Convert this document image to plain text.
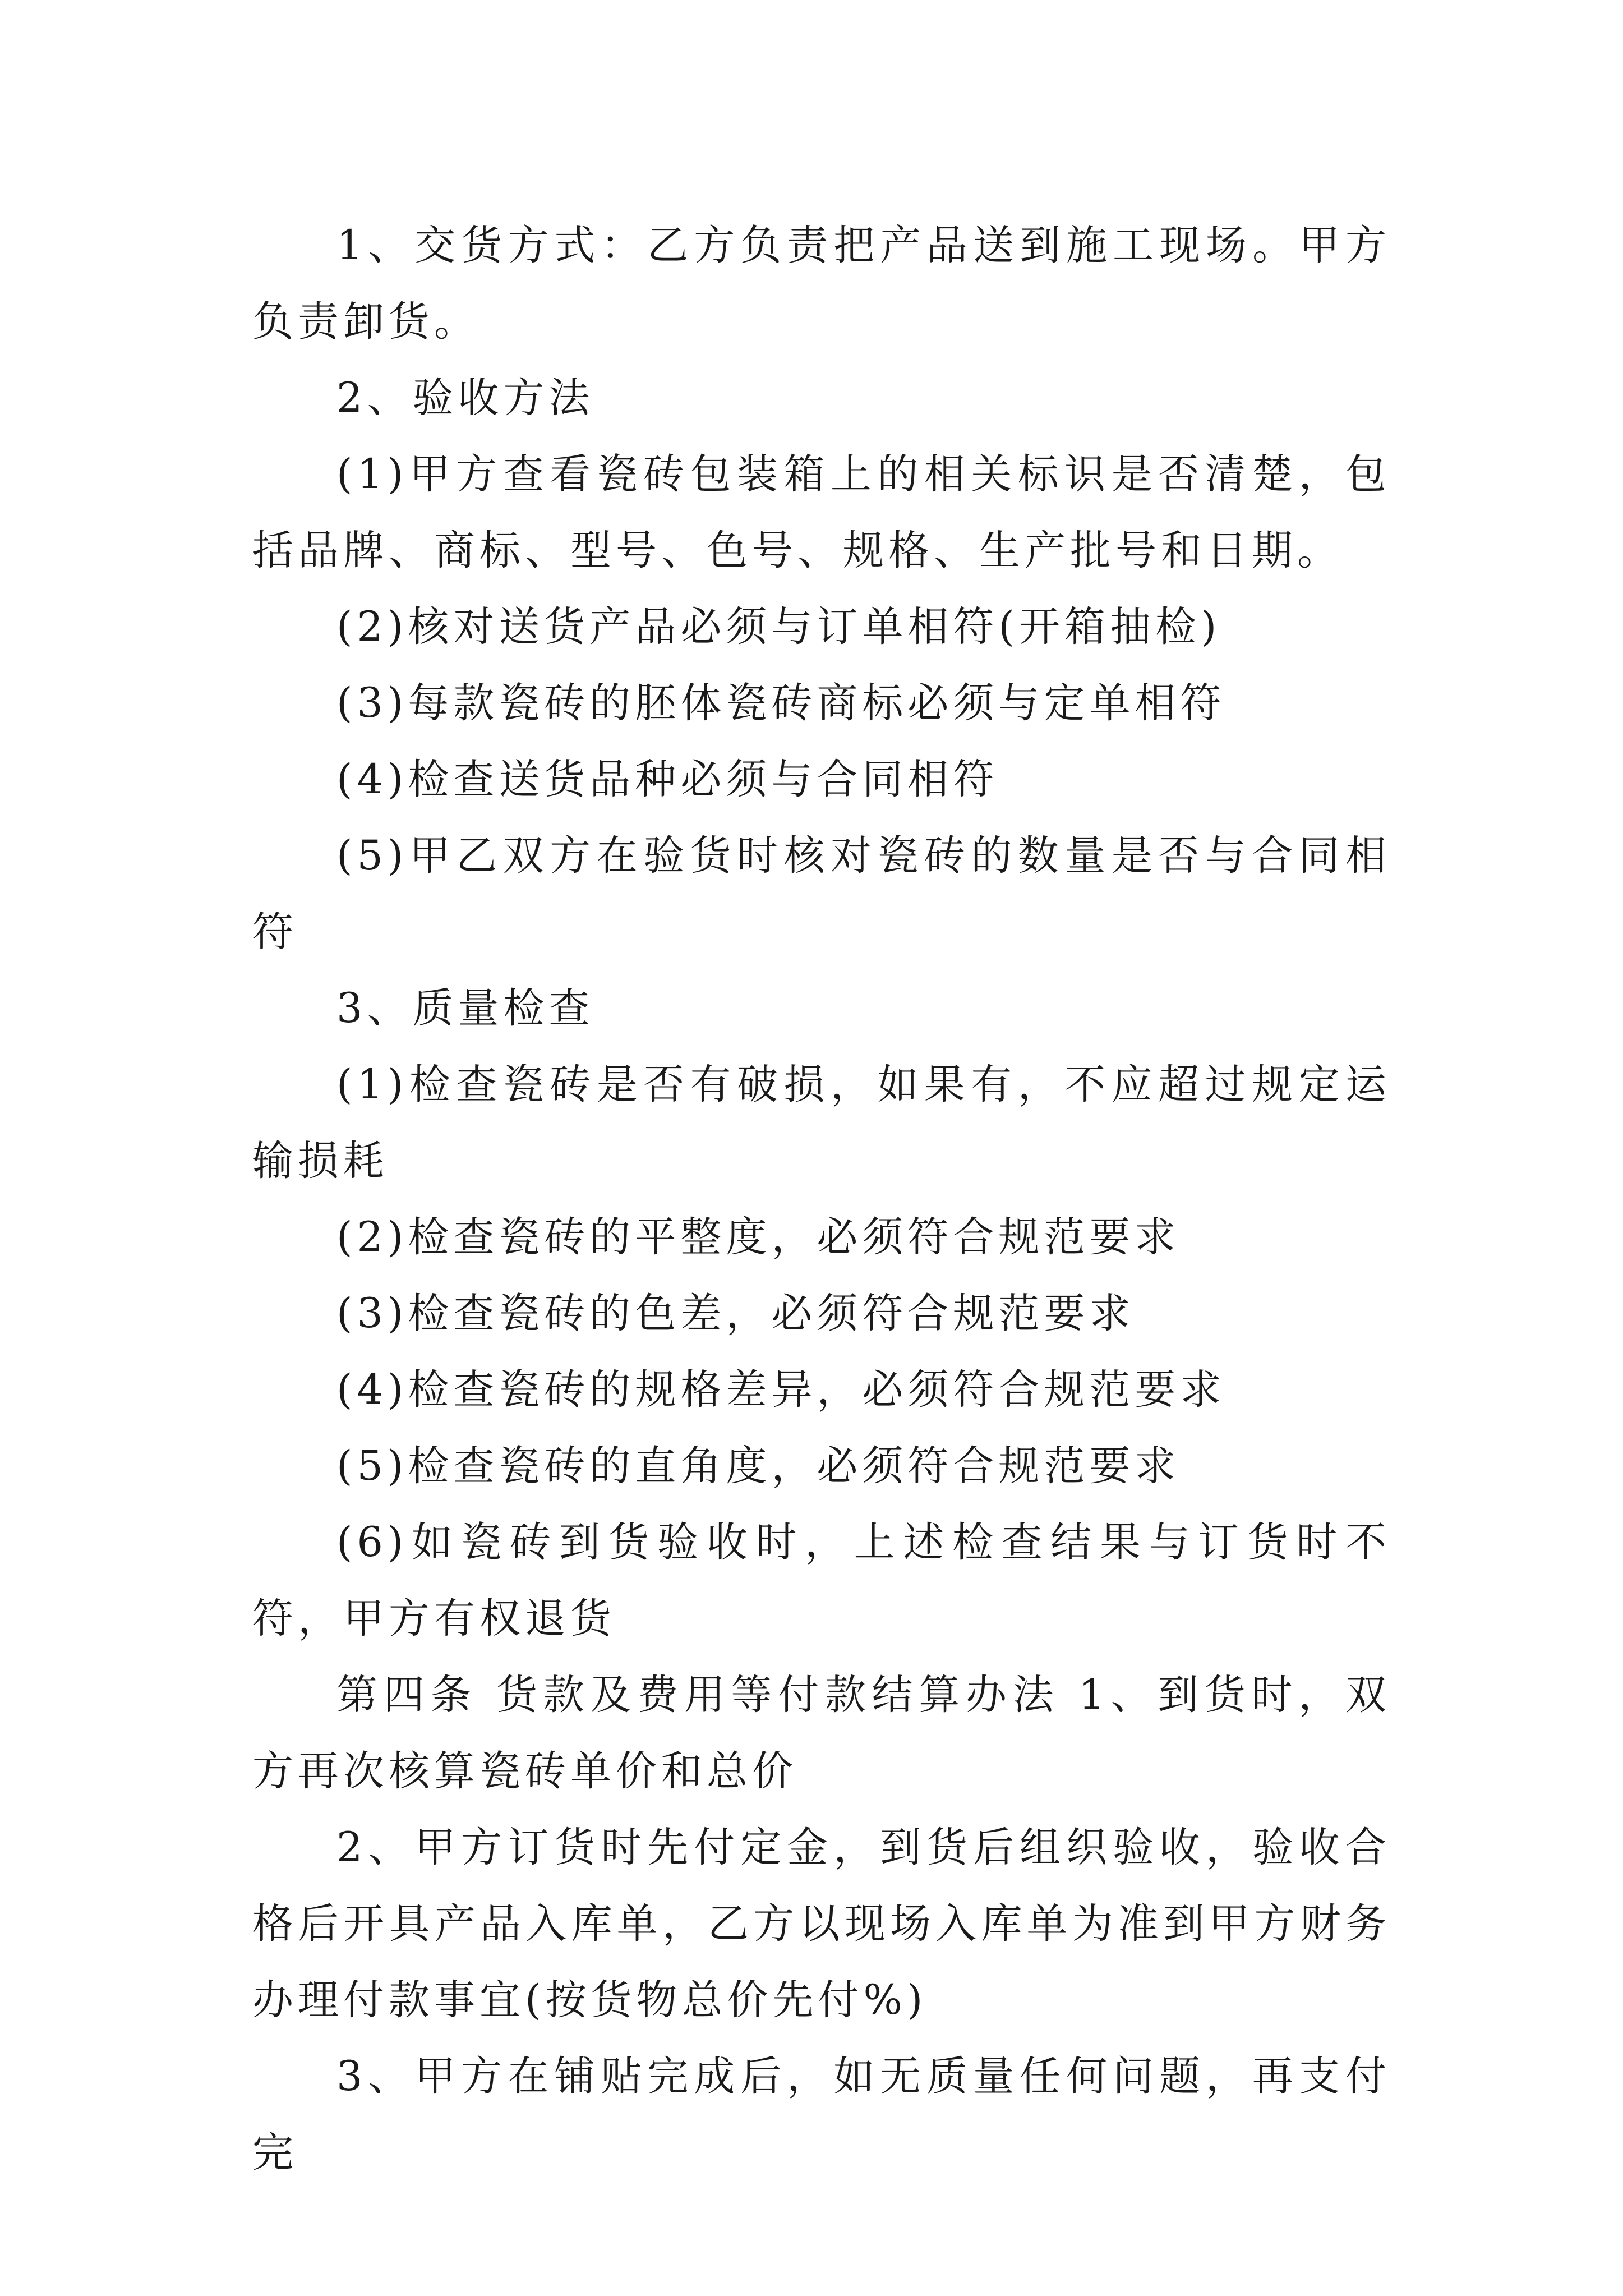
1、交货方式：乙方负责把产品送到施工现场。甲方负责卸货。

2、验收方法

(1)甲方查看瓷砖包装箱上的相关标识是否清楚，包括品牌、商标、型号、色号、规格、生产批号和日期。

(2)核对送货产品必须与订单相符(开箱抽检)

(3)每款瓷砖的胚体瓷砖商标必须与定单相符

(4)检查送货品种必须与合同相符

(5)甲乙双方在验货时核对瓷砖的数量是否与合同相符

3、质量检查

(1)检查瓷砖是否有破损，如果有，不应超过规定运输损耗

(2)检查瓷砖的平整度，必须符合规范要求

(3)检查瓷砖的色差，必须符合规范要求

(4)检查瓷砖的规格差异，必须符合规范要求

(5)检查瓷砖的直角度，必须符合规范要求

(6)如瓷砖到货验收时，上述检查结果与订货时不符，甲方有权退货

第四条 货款及费用等付款结算办法 1、到货时，双方再次核算瓷砖单价和总价

2、甲方订货时先付定金，到货后组织验收，验收合格后开具产品入库单，乙方以现场入库单为准到甲方财务办理付款事宜(按货物总价先付%)

3、甲方在铺贴完成后，如无质量任何问题，再支付完
